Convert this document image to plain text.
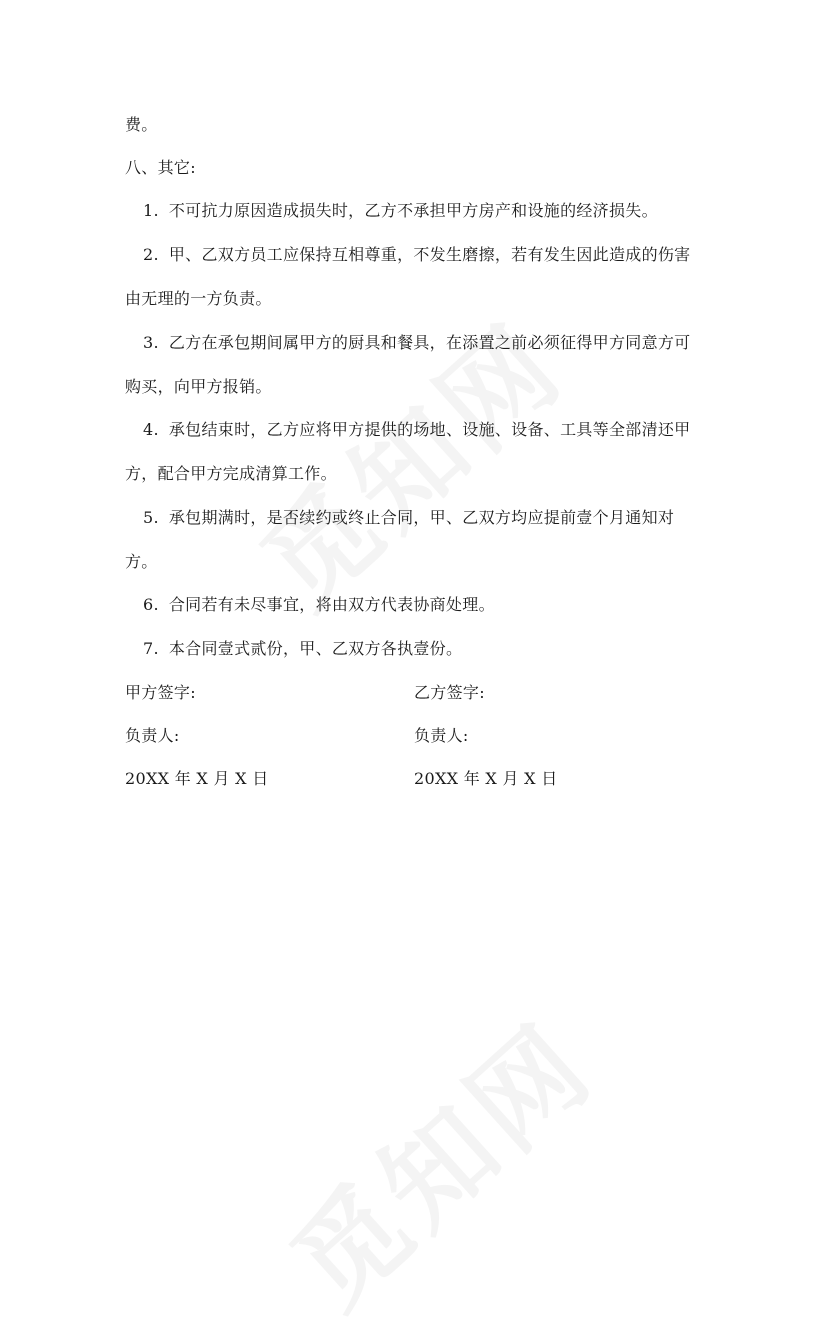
费。
八、其它:
1. 不可抗力原因造成损失时，乙方不承担甲方房产和设施的经济损失。
2. 甲、乙双方员工应保持互相尊重，不发生磨擦，若有发生因此造成的伤害
由无理的一方负责。
3. 乙方在承包期间属甲方的厨具和餐具，在添置之前必须征得甲方同意方可
购买，向甲方报销。
4. 承包结束时，乙方应将甲方提供的场地、设施、设备、工具等全部清还甲
方，配合甲方完成清算工作。
5. 承包期满时，是否续约或终止合同，甲、乙双方均应提前壹个月通知对
方。
6. 合同若有未尽事宜，将由双方代表协商处理。
7. 本合同壹式贰份，甲、乙双方各执壹份。
甲方签字:
负责人:
20XX 年 X 月 X 日
乙方签字:
负责人:
20XX 年 X 月 X 日
